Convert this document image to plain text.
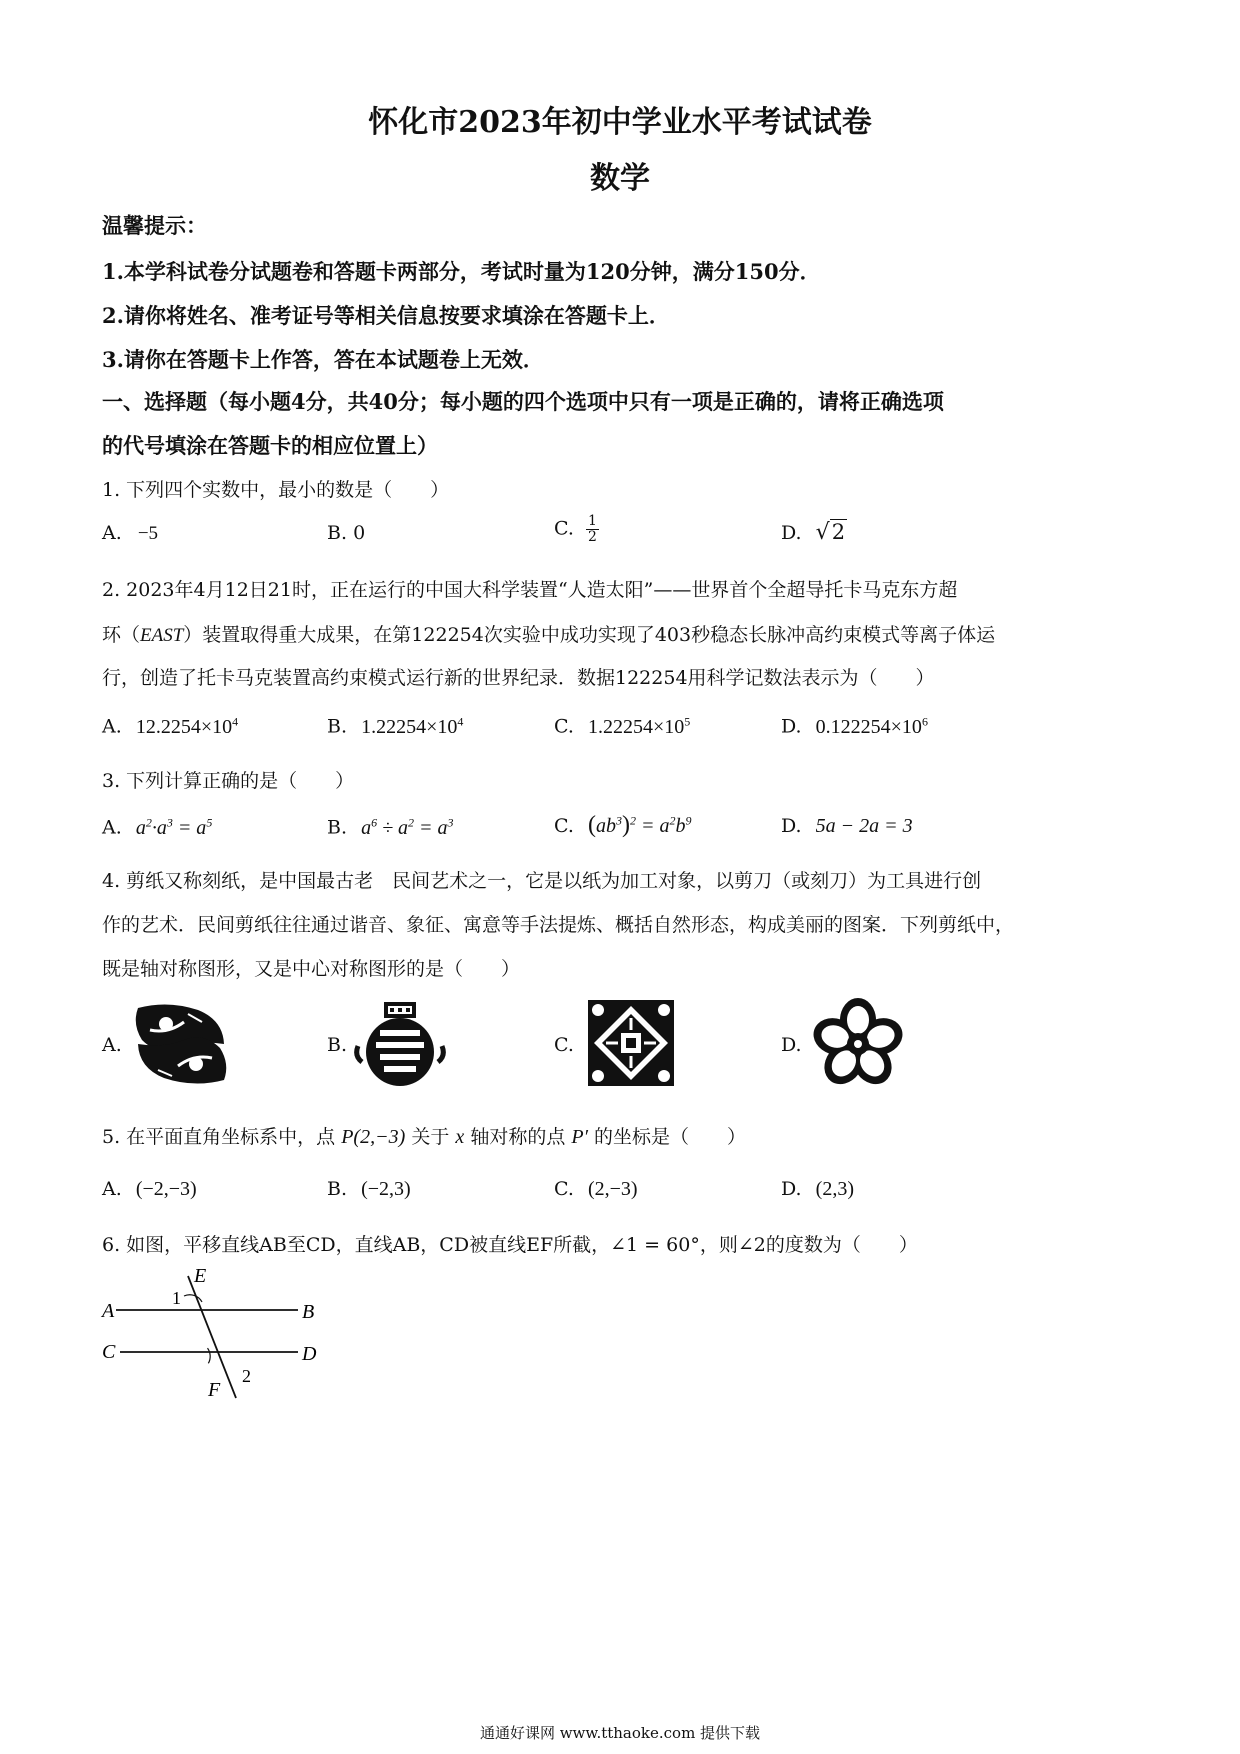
怀化市2023年初中学业水平考试试卷
数学
温馨提示：
1.本学科试卷分试题卷和答题卡两部分，考试时量为120分钟，满分150分．
2.请你将姓名、准考证号等相关信息按要求填涂在答题卡上．
3.请你在答题卡上作答，答在本试题卷上无效．
一、选择题（每小题4分，共40分；每小题的四个选项中只有一项是正确的，请将正确选项
的代号填涂在答题卡的相应位置上）
1. 下列四个实数中，最小的数是（　　）
A. −5	B. 0	C. $\frac{1}{2}$	D. √2
2. 2023年4月12日21时，正在运行的中国大科学装置“人造太阳”——世界首个全超导托卡马克东方超
环（EAST）装置取得重大成果，在第122254次实验中成功实现了403秒稳态长脉冲高约束模式等离子体运
行，创造了托卡马克装置高约束模式运行新的世界纪录．数据122254用科学记数法表示为（　　）
A. $12.2254\times 10^4$	B. $1.22254\times 10^4$	C. $1.22254\times 10^5$	D. $0.122254\times 10^6$
3. 下列计算正确的是（　　）
A. $a^2\cdot a^3 = a^5$	B. $a^6 \div a^2 = a^3$	C. $(ab^3)^2 = a^2b^9$	D. 5a − 2a = 3
4. 剪纸又称刻纸，是中国最古老　民间艺术之一，它是以纸为加工对象，以剪刀（或刻刀）为工具进行创
作的艺术．民间剪纸往往通过谐音、象征、寓意等手法提炼、概括自然形态，构成美丽的图案．下列剪纸中，
既是轴对称图形，又是中心对称图形的是（　　）
A.	B.	C.	D.
5. 在平面直角坐标系中，点 P(2,−3) 关于 x 轴对称的点 P′ 的坐标是（　　）
A. (−2,−3)	B. (−2,3)	C. (2,−3)	D. (2,3)
6. 如图，平移直线AB至CD，直线AB，CD被直线EF所截，∠1 = 60°，则∠2的度数为（　　）
A	B
C	D
E
F
1
2
通通好课网 www.tthaoke.com 提供下载
